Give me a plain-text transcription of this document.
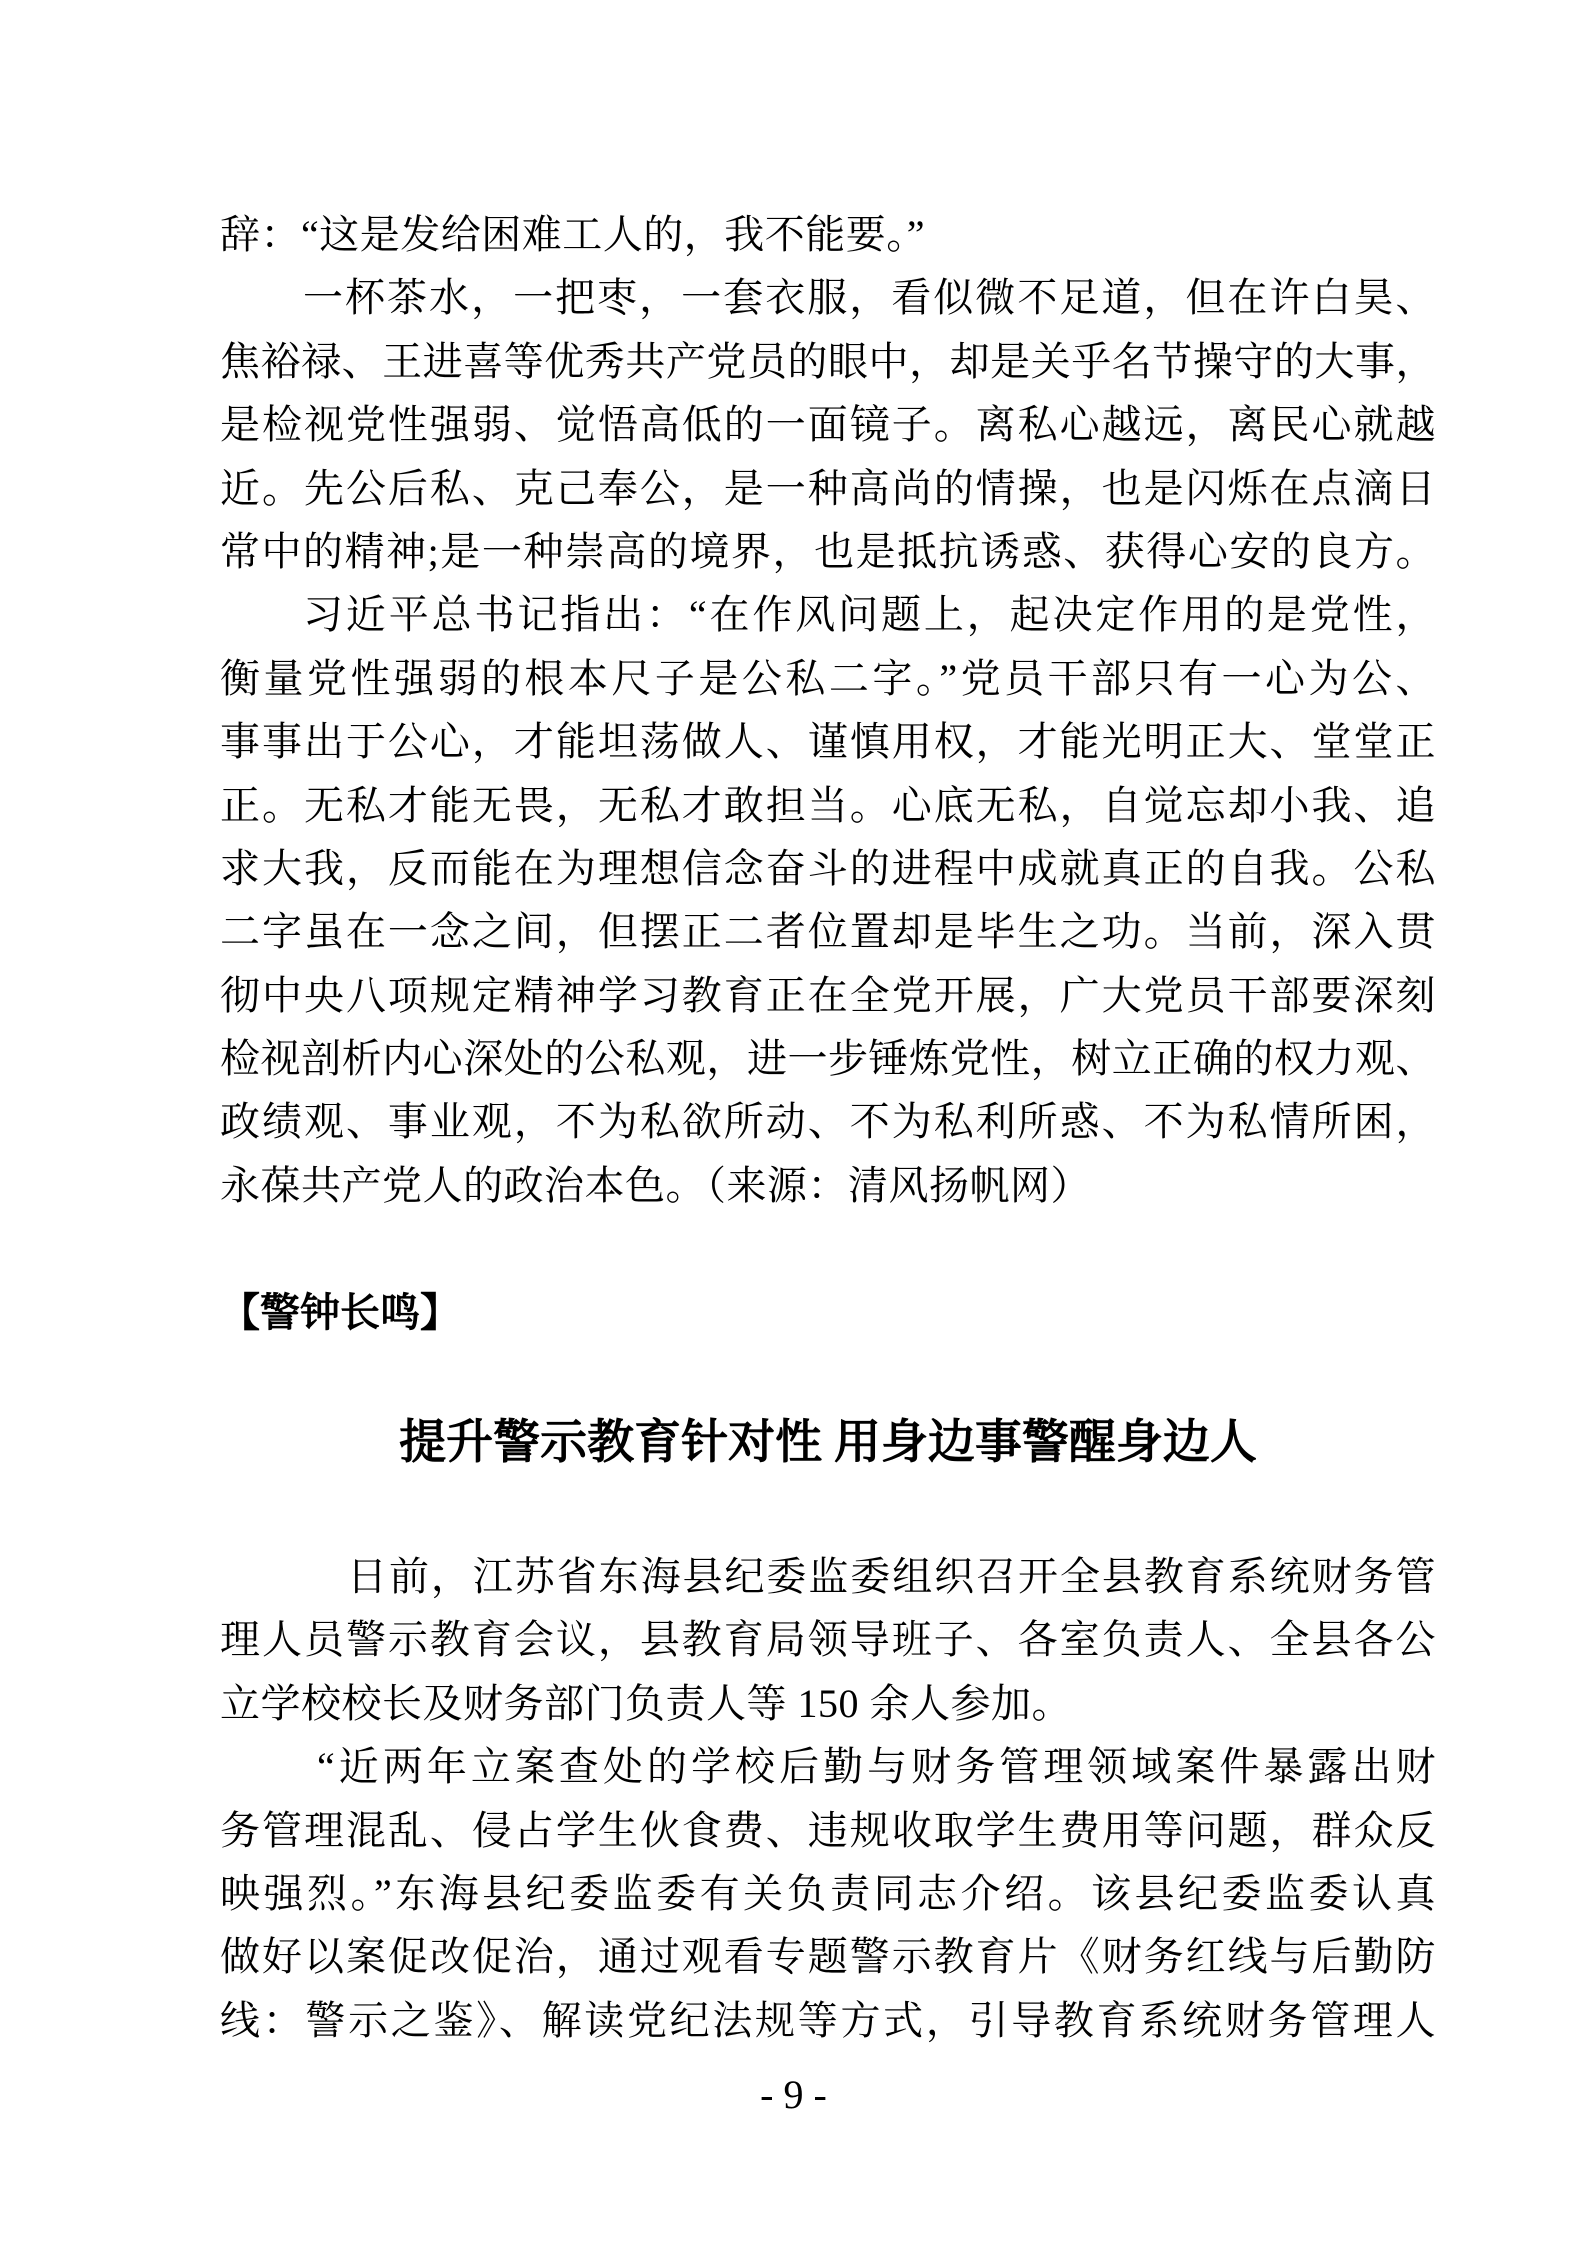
辞：“这是发给困难工人的，我不能要。”
一杯茶水，一把枣，一套衣服，看似微不足道，但在许白昊、
焦裕禄、王进喜等优秀共产党员的眼中，却是关乎名节操守的大事，
是检视党性强弱、觉悟高低的一面镜子。离私心越远，离民心就越
近。先公后私、克己奉公，是一种高尚的情操，也是闪烁在点滴日
常中的精神;是一种崇高的境界，也是抵抗诱惑、获得心安的良方。
习近平总书记指出：“在作风问题上，起决定作用的是党性，
衡量党性强弱的根本尺子是公私二字。”党员干部只有一心为公、
事事出于公心，才能坦荡做人、谨慎用权，才能光明正大、堂堂正
正。无私才能无畏，无私才敢担当。心底无私，自觉忘却小我、追
求大我，反而能在为理想信念奋斗的进程中成就真正的自我。公私
二字虽在一念之间，但摆正二者位置却是毕生之功。当前，深入贯
彻中央八项规定精神学习教育正在全党开展，广大党员干部要深刻
检视剖析内心深处的公私观，进一步锤炼党性，树立正确的权力观、
政绩观、事业观，不为私欲所动、不为私利所惑、不为私情所困，
永葆共产党人的政治本色。（来源：清风扬帆网）
【警钟长鸣】
提升警示教育针对性 用身边事警醒身边人
日前，江苏省东海县纪委监委组织召开全县教育系统财务管
理人员警示教育会议，县教育局领导班子、各室负责人、全县各公
立学校校长及财务部门负责人等 150 余人参加。
“近两年立案查处的学校后勤与财务管理领域案件暴露出财
务管理混乱、侵占学生伙食费、违规收取学生费用等问题，群众反
映强烈。”东海县纪委监委有关负责同志介绍。该县纪委监委认真
做好以案促改促治，通过观看专题警示教育片《财务红线与后勤防
线：警示之鉴》、解读党纪法规等方式，引导教育系统财务管理人
- 9 -
